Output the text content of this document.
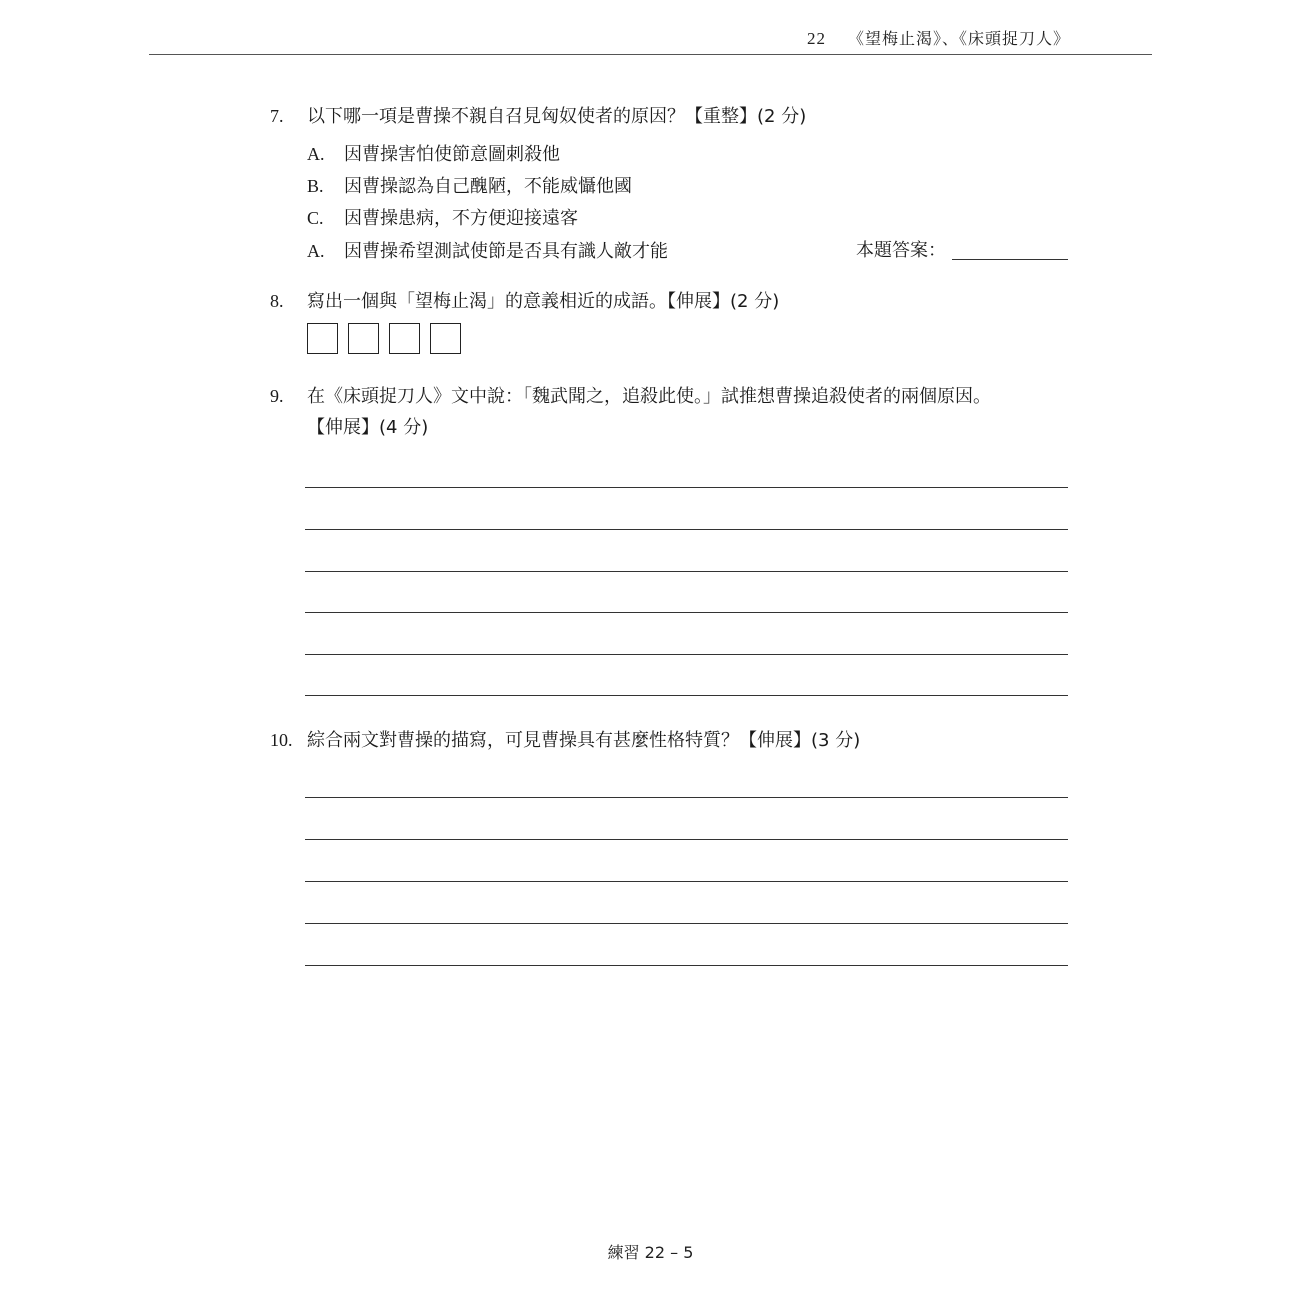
22 《望梅止渴》、《床頭捉刀人》
7. 以下哪一項是曹操不親自召見匈奴使者的原因？【重整】(2 分)
A. 因曹操害怕使節意圖刺殺他
B. 因曹操認為自己醜陋，不能威懾他國
C. 因曹操患病，不方便迎接遠客
A. 因曹操希望測試使節是否具有識人敵才能	本題答案：
8. 寫出一個與「望梅止渴」的意義相近的成語。【伸展】(2 分)
9. 在《床頭捉刀人》文中說：「魏武聞之，追殺此使。」試推想曹操追殺使者的兩個原因。
【伸展】(4 分)
10. 綜合兩文對曹操的描寫，可見曹操具有甚麼性格特質？【伸展】(3 分)
練習 22 – 5
